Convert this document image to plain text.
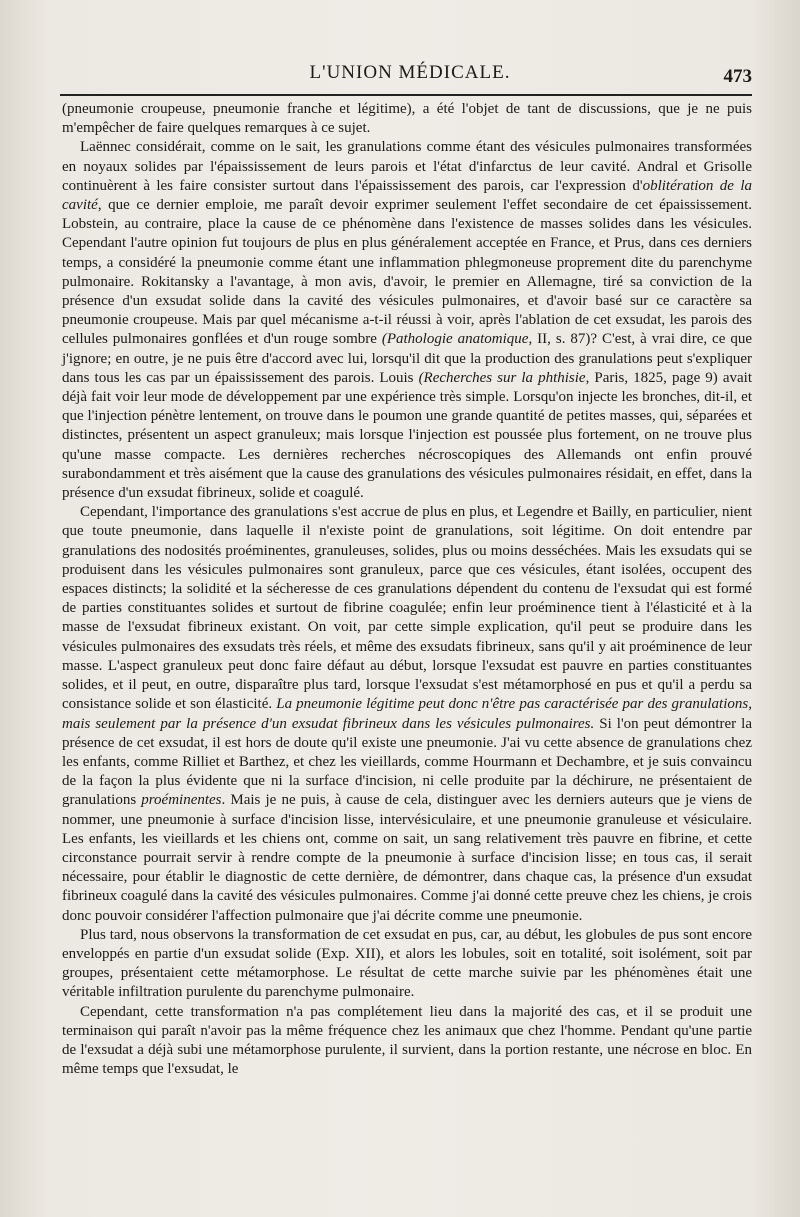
L'UNION MÉDICALE.	473

(pneumonie croupeuse, pneumonie franche et légitime), a été l'objet de tant de discussions, que je ne puis m'empêcher de faire quelques remarques à ce sujet.

Laënnec considérait, comme on le sait, les granulations comme étant des vésicules pulmonaires transformées en noyaux solides par l'épaississement de leurs parois et l'état d'infarctus de leur cavité. Andral et Grisolle continuèrent à les faire consister surtout dans l'épaississement des parois, car l'expression d'oblitération de la cavité, que ce dernier emploie, me paraît devoir exprimer seulement l'effet secondaire de cet épaississement. Lobstein, au contraire, place la cause de ce phénomène dans l'existence de masses solides dans les vésicules. Cependant l'autre opinion fut toujours de plus en plus généralement acceptée en France, et Prus, dans ces derniers temps, a considéré la pneumonie comme étant une inflammation phlegmoneuse proprement dite du parenchyme pulmonaire. Rokitansky a l'avantage, à mon avis, d'avoir, le premier en Allemagne, tiré sa conviction de la présence d'un exsudat solide dans la cavité des vésicules pulmonaires, et d'avoir basé sur ce caractère sa pneumonie croupeuse. Mais par quel mécanisme a-t-il réussi à voir, après l'ablation de cet exsudat, les parois des cellules pulmonaires gonflées et d'un rouge sombre (Pathologie anatomique, II, s. 87)? C'est, à vrai dire, ce que j'ignore; en outre, je ne puis être d'accord avec lui, lorsqu'il dit que la production des granulations peut s'expliquer dans tous les cas par un épaississement des parois. Louis (Recherches sur la phthisie, Paris, 1825, page 9) avait déjà fait voir leur mode de développement par une expérience très simple. Lorsqu'on injecte les bronches, dit-il, et que l'injection pénètre lentement, on trouve dans le poumon une grande quantité de petites masses, qui, séparées et distinctes, présentent un aspect granuleux; mais lorsque l'injection est poussée plus fortement, on ne trouve plus qu'une masse compacte. Les dernières recherches nécroscopiques des Allemands ont enfin prouvé surabondamment et très aisément que la cause des granulations des vésicules pulmonaires résidait, en effet, dans la présence d'un exsudat fibrineux, solide et coagulé.

Cependant, l'importance des granulations s'est accrue de plus en plus, et Legendre et Bailly, en particulier, nient que toute pneumonie, dans laquelle il n'existe point de granulations, soit légitime. On doit entendre par granulations des nodosités proéminentes, granuleuses, solides, plus ou moins desséchées. Mais les exsudats qui se produisent dans les vésicules pulmonaires sont granuleux, parce que ces vésicules, étant isolées, occupent des espaces distincts; la solidité et la sécheresse de ces granulations dépendent du contenu de l'exsudat qui est formé de parties constituantes solides et surtout de fibrine coagulée; enfin leur proéminence tient à l'élasticité et à la masse de l'exsudat fibrineux existant. On voit, par cette simple explication, qu'il peut se produire dans les vésicules pulmonaires des exsudats très réels, et même des exsudats fibrineux, sans qu'il y ait proéminence de leur masse. L'aspect granuleux peut donc faire défaut au début, lorsque l'exsudat est pauvre en parties constituantes solides, et il peut, en outre, disparaître plus tard, lorsque l'exsudat s'est métamorphosé en pus et qu'il a perdu sa consistance solide et son élasticité. La pneumonie légitime peut donc n'être pas caractérisée par des granulations, mais seulement par la présence d'un exsudat fibrineux dans les vésicules pulmonaires. Si l'on peut démontrer la présence de cet exsudat, il est hors de doute qu'il existe une pneumonie. J'ai vu cette absence de granulations chez les enfants, comme Rilliet et Barthez, et chez les vieillards, comme Hourmann et Dechambre, et je suis convaincu de la façon la plus évidente que ni la surface d'incision, ni celle produite par la déchirure, ne présentaient de granulations proéminentes. Mais je ne puis, à cause de cela, distinguer avec les derniers auteurs que je viens de nommer, une pneumonie à surface d'incision lisse, intervésiculaire, et une pneumonie granuleuse et vésiculaire. Les enfants, les vieillards et les chiens ont, comme on sait, un sang relativement très pauvre en fibrine, et cette circonstance pourrait servir à rendre compte de la pneumonie à surface d'incision lisse; en tous cas, il serait nécessaire, pour établir le diagnostic de cette dernière, de démontrer, dans chaque cas, la présence d'un exsudat fibrineux coagulé dans la cavité des vésicules pulmonaires. Comme j'ai donné cette preuve chez les chiens, je crois donc pouvoir considérer l'affection pulmonaire que j'ai décrite comme une pneumonie.

Plus tard, nous observons la transformation de cet exsudat en pus, car, au début, les globules de pus sont encore enveloppés en partie d'un exsudat solide (Exp. XII), et alors les lobules, soit en totalité, soit isolément, soit par groupes, présentaient cette métamorphose. Le résultat de cette marche suivie par les phénomènes était une véritable infiltration purulente du parenchyme pulmonaire.

Cependant, cette transformation n'a pas complétement lieu dans la majorité des cas, et il se produit une terminaison qui paraît n'avoir pas la même fréquence chez les animaux que chez l'homme. Pendant qu'une partie de l'exsudat a déjà subi une métamorphose purulente, il survient, dans la portion restante, une nécrose en bloc. En même temps que l'exsudat, le
